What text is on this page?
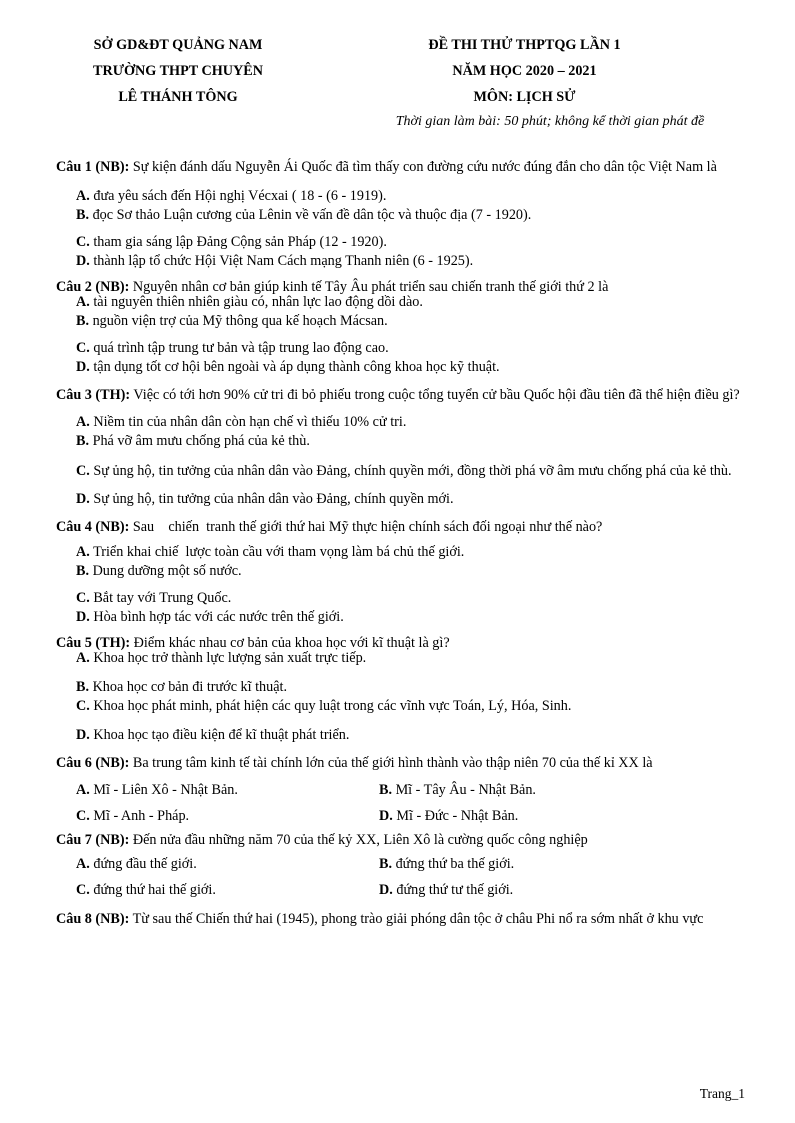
SỞ GD&ĐT QUẢNG NAM
TRƯỜNG THPT CHUYÊN
LÊ THÁNH TÔNG
ĐỀ THI THỬ THPTQG LẦN 1
NĂM HỌC 2020 – 2021
MÔN: LỊCH SỬ
Thời gian làm bài: 50 phút; không kể thời gian phát đề

Câu 1 (NB): Sự kiện đánh dấu Nguyễn Ái Quốc đã tìm thấy con đường cứu nước đúng đắn cho dân tộc Việt Nam là

A. đưa yêu sách đến Hội nghị Vécxai ( 18 - (6 - 1919).

B. đọc Sơ thảo Luận cương của Lênin về vấn đề dân tộc và thuộc địa (7 - 1920).

C. tham gia sáng lập Đảng Cộng sản Pháp (12 - 1920).

D. thành lập tổ chức Hội Việt Nam Cách mạng Thanh niên (6 - 1925).

Câu 2 (NB): Nguyên nhân cơ bản giúp kinh tế Tây Âu phát triển sau chiến tranh thế giới thứ 2 là

A. tài nguyên thiên nhiên giàu có, nhân lực lao động dồi dào.

B. nguồn viện trợ của Mỹ thông qua kế hoạch Mácsan.

C. quá trình tập trung tư bản và tập trung lao động cao.

D. tận dụng tốt cơ hội bên ngoài và áp dụng thành công khoa học kỹ thuật.

Câu 3 (TH): Việc có tới hơn 90% cử tri đi bỏ phiếu trong cuộc tổng tuyển cử bầu Quốc hội đầu tiên đã thể hiện điều gì?

A. Niềm tin của nhân dân còn hạn chế vì thiếu 10% cử tri.

B. Phá vỡ âm mưu chống phá của kẻ thù.

C. Sự ủng hộ, tin tưởng của nhân dân vào Đảng, chính quyền mới, đồng thời phá vỡ âm mưu chống phá của kẻ thù.

D. Sự ủng hộ, tin tưởng của nhân dân vào Đảng, chính quyền mới.

Câu 4 (NB): Sau    chiến  tranh thế giới thứ hai Mỹ thực hiện chính sách đối ngoại như thế nào?

A. Triển khai chiế  lược toàn cầu với tham vọng làm bá chủ thế giới.

B. Dung dưỡng một số nước.

C. Bắt tay với Trung Quốc.

D. Hòa bình hợp tác với các nước trên thế giới.

Câu 5 (TH): Điểm khác nhau cơ bản của khoa học với kĩ thuật là gì?

A. Khoa học trở thành lực lượng sản xuất trực tiếp.

B. Khoa học cơ bản đi trước kĩ thuật.

C. Khoa học phát minh, phát hiện các quy luật trong các vĩnh vực Toán, Lý, Hóa, Sinh.

D. Khoa học tạo điều kiện để kĩ thuật phát triển.

Câu 6 (NB): Ba trung tâm kinh tế tài chính lớn của thế giới hình thành vào thập niên 70 của thế kỉ XX là

A. Mĩ - Liên Xô - Nhật Bản.	B. Mĩ - Tây Âu - Nhật Bản.
C. Mĩ - Anh - Pháp.	D. Mĩ - Đức - Nhật Bản.

Câu 7 (NB): Đến nửa đầu những năm 70 của thế kỷ XX, Liên Xô là cường quốc công nghiệp

A. đứng đầu thế giới.	B. đứng thứ ba thế giới.
C. đứng thứ hai thế giới.	D. đứng thứ tư thế giới.

Câu 8 (NB): Từ sau thế Chiến thứ hai (1945), phong trào giải phóng dân tộc ở châu Phi nổ ra sớm nhất ở khu vực

Trang_1
